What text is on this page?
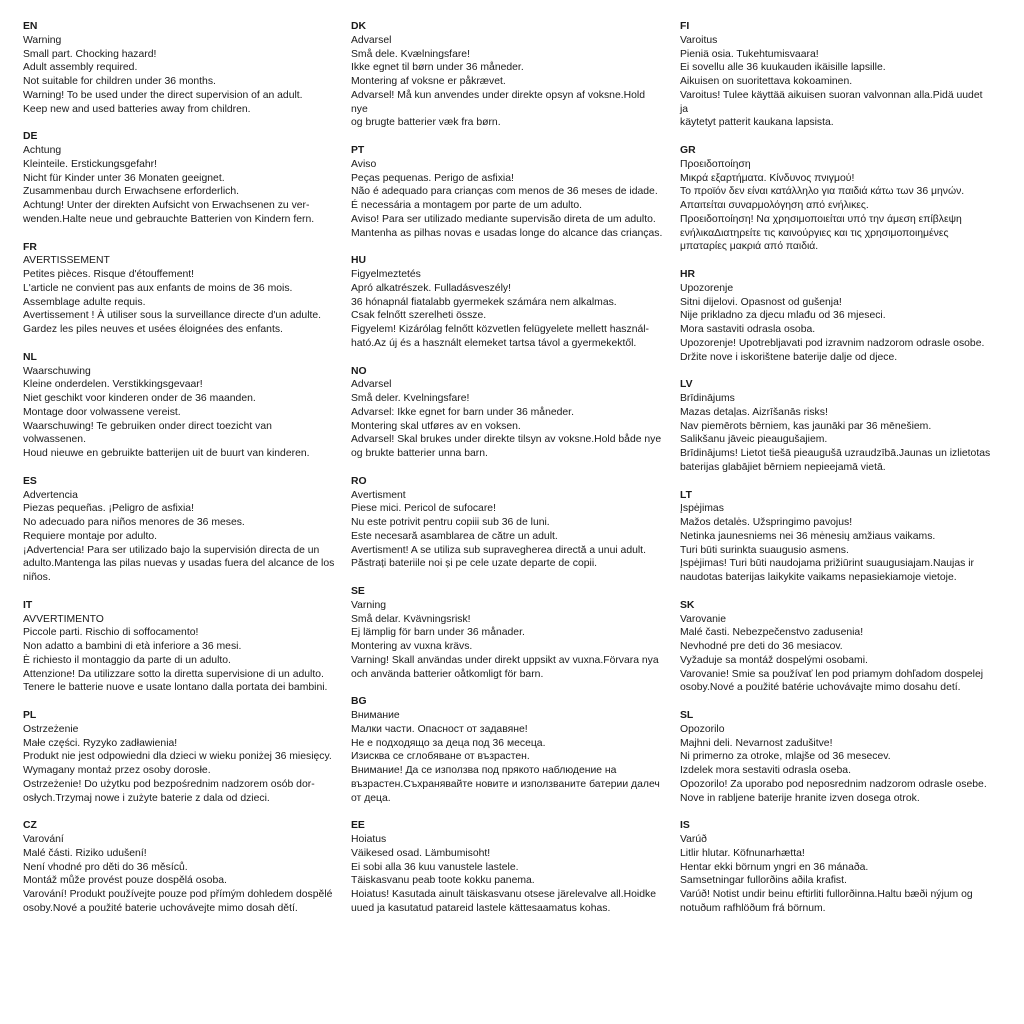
EN

Warning

Small part. Chocking hazard!

Adult assembly required.

Not suitable for children under 36 months.

Warning! To be used under the direct supervision of an adult.

Keep new and used batteries away from children.

DE

Achtung

Kleinteile. Erstickungsgefahr!

Nicht für Kinder unter 36 Monaten geeignet.

Zusammenbau durch Erwachsene erforderlich.

Achtung! Unter der direkten Aufsicht von Erwachsenen zu ver-

wenden.Halte neue und gebrauchte Batterien von Kindern fern.

FR

AVERTISSEMENT

Petites pièces. Risque d'étouffement!

L'article ne convient pas aux enfants de moins de 36 mois.

Assemblage adulte requis.

Avertissement ! À utiliser sous la surveillance directe d'un adulte.

Gardez les piles neuves et usées éloignées des enfants.

NL

Waarschuwing

Kleine onderdelen. Verstikkingsgevaar!

Niet geschikt voor kinderen onder de 36 maanden.

Montage door volwassene vereist.

Waarschuwing! Te gebruiken onder direct toezicht van volwassenen.

Houd nieuwe en gebruikte batterijen uit de buurt van kinderen.

ES

Advertencia

Piezas pequeñas. ¡Peligro de asfixia!

No adecuado para niños menores de 36 meses.

Requiere montaje por adulto.

¡Advertencia! Para ser utilizado bajo la supervisión directa de un

adulto.Mantenga las pilas nuevas y usadas fuera del alcance de los

niños.

IT

AVVERTIMENTO

Piccole parti. Rischio di soffocamento!

Non adatto a bambini di età inferiore a 36 mesi.

È richiesto il montaggio da parte di un adulto.

Attenzione! Da utilizzare sotto la diretta supervisione di un adulto.

Tenere le batterie nuove e usate lontano dalla portata dei bambini.

PL

Ostrzeżenie

Małe części. Ryzyko zadławienia!

Produkt nie jest odpowiedni dla dzieci w wieku poniżej 36 miesięcy.

Wymagany montaż przez osoby dorosłe.

Ostrzeżenie! Do użytku pod bezpośrednim nadzorem osób dor-

osłych.Trzymaj nowe i zużyte baterie z dala od dzieci.

CZ

Varování

Malé části. Riziko udušení!

Není vhodné pro děti do 36 měsíců.

Montáž může provést pouze dospělá osoba.

Varování! Produkt používejte pouze pod přímým dohledem dospělé

osoby.Nové a použité baterie uchovávejte mimo dosah dětí.

DK

Advarsel

Små dele. Kvælningsfare!

Ikke egnet til børn under 36 måneder.

Montering af voksne er påkrævet.

Advarsel! Må kun anvendes under direkte opsyn af voksne.Hold nye

og brugte batterier væk fra børn.

PT

Aviso

Peças pequenas. Perigo de asfixia!

Não é adequado para crianças com menos de 36 meses de idade.

É necessária a montagem por parte de um adulto.

Aviso! Para ser utilizado mediante supervisão direta de um adulto.

Mantenha as pilhas novas e usadas longe do alcance das crianças.

HU

Figyelmeztetés

Apró alkatrészek. Fulladásveszély!

36 hónapnál fiatalabb gyermekek számára nem alkalmas.

Csak felnőtt szerelheti össze.

Figyelem! Kizárólag felnőtt közvetlen felügyelete mellett használ-

ható.Az új és a használt elemeket tartsa távol a gyermekektől.

NO

Advarsel

Små deler. Kvelningsfare!

Advarsel: Ikke egnet for barn under 36 måneder.

Montering skal utføres av en voksen.

Advarsel! Skal brukes under direkte tilsyn av voksne.Hold både nye

og brukte batterier unna barn.

RO

Avertisment

Piese mici. Pericol de sufocare!

Nu este potrivit pentru copiii sub 36 de luni.

Este necesară asamblarea de către un adult.

Avertisment! A se utiliza sub supravegherea directă a unui adult.

Păstrați bateriile noi și pe cele uzate departe de copii.

SE

Varning

Små delar. Kvävningsrisk!

Ej lämplig för barn under 36 månader.

Montering av vuxna krävs.

Varning! Skall användas under direkt uppsikt av vuxna.Förvara nya

och använda batterier oåtkomligt för barn.

BG

Внимание

Малки части. Опасност от задавяне!

Не е подходящо за деца под 36 месеца.

Изисква се сглобяване от възрастен.

Внимание! Да се използва под прякото наблюдение на

възрастен.Съхранявайте новите и използваните батерии далеч

от деца.

EE

Hoiatus

Väikesed osad. Lämbumisoht!

Ei sobi alla 36 kuu vanustele lastele.

Täiskasvanu peab toote kokku panema.

Hoiatus! Kasutada ainult täiskasvanu otsese järelevalve all.Hoidke

uued ja kasutatud patareid lastele kättesaamatus kohas.

FI

Varoitus

Pieniä osia. Tukehtumisvaara!

Ei sovellu alle 36 kuukauden ikäisille lapsille.

Aikuisen on suoritettava kokoaminen.

Varoitus! Tulee käyttää aikuisen suoran valvonnan alla.Pidä uudet ja

käytetyt patterit kaukana lapsista.

GR

Προειδοποίηση

Μικρά εξαρτήματα. Κίνδυνος πνιγμού!

Το προϊόν δεν είναι κατάλληλο για παιδιά κάτω των 36 μηνών.

Απαιτείται συναρμολόγηση από ενήλικες.

Προειδοποίηση! Να χρησιμοποιείται υπό την άμεση επίβλεψη

ενήλικαΔιατηρείτε τις καινούργιες και τις χρησιμοποιημένες

μπαταρίες μακριά από παιδιά.

HR

Upozorenje

Sitni dijelovi. Opasnost od gušenja!

Nije prikladno za djecu mlađu od 36 mjeseci.

Mora sastaviti odrasla osoba.

Upozorenje! Upotrebljavati pod izravnim nadzorom odrasle osobe.

Držite nove i iskorištene baterije dalje od djece.

LV

Brīdinājums

Mazas detaļas. Aizrīšanās risks!

Nav piemērots bērniem, kas jaunāki par 36 mēnešiem.

Salikšanu jāveic pieaugušajiem.

Brīdinājums! Lietot tiešā pieaugušā uzraudzībā.Jaunas un izlietotas

baterijas glabājiet bērniem nepieejamā vietā.

LT

Įspėjimas

Mažos detalės. Užspringimo pavojus!

Netinka jaunesniems nei 36 mėnesių amžiaus vaikams.

Turi būti surinkta suaugusio asmens.

Įspėjimas! Turi būti naudojama prižiūrint suaugusiajam.Naujas ir

naudotas baterijas laikykite vaikams nepasiekiamoje vietoje.

SK

Varovanie

Malé časti. Nebezpečenstvo zadusenia!

Nevhodné pre deti do 36 mesiacov.

Vyžaduje sa montáž dospelými osobami.

Varovanie! Smie sa používať len pod priamym dohľadom dospelej

osoby.Nové a použité batérie uchovávajte mimo dosahu detí.

SL

Opozorilo

Majhni deli. Nevarnost zadušitve!

Ni primerno za otroke, mlajše od 36 mesecev.

Izdelek mora sestaviti odrasla oseba.

Opozorilo! Za uporabo pod neposrednim nadzorom odrasle osebe.

Nove in rabljene baterije hranite izven dosega otrok.

IS

Varúð

Litlir hlutar. Köfnunarhætta!

Hentar ekki börnum yngri en 36 mánaða.

Samsetningar fullorðins aðila krafist.

Varúð! Notist undir beinu eftirliti fullorðinna.Haltu bæði nýjum og

notuðum rafhlöðum frá börnum.
